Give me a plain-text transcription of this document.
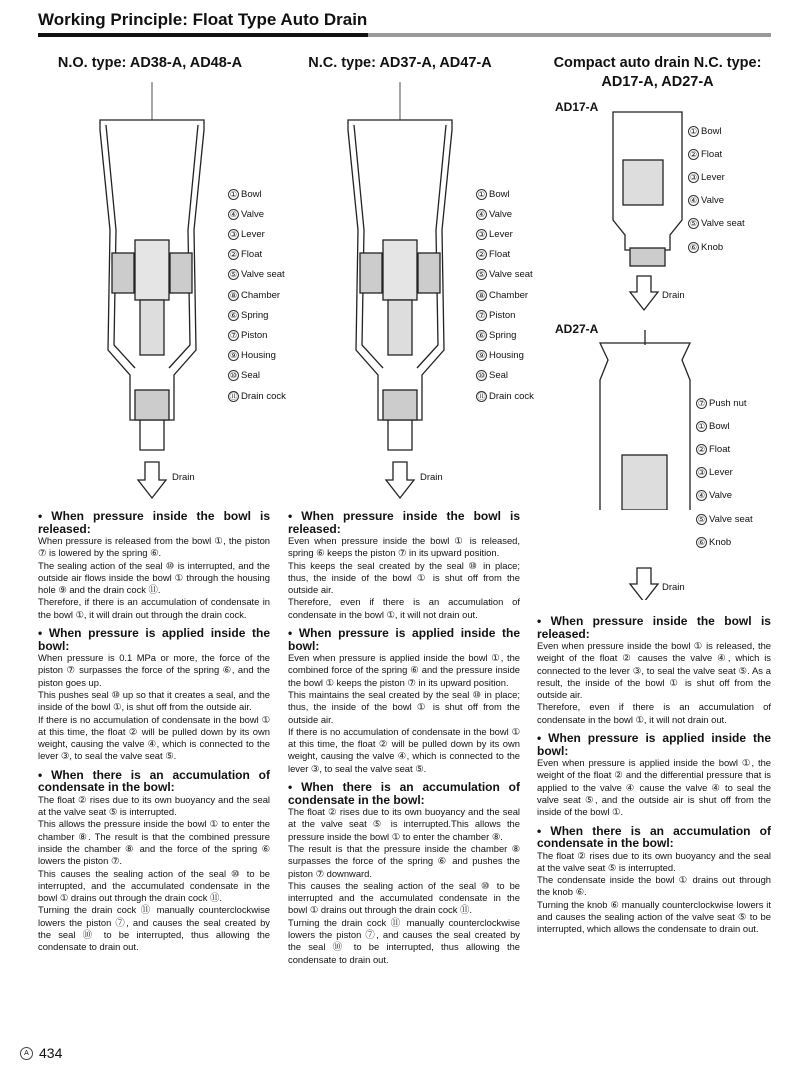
Working Principle: Float Type Auto Drain
N.O. type: AD38-A, AD48-A	N.C. type: AD37-A, AD47-A	Compact auto drain N.C. type:
AD17-A, AD27-A
① Bowl
④ Valve
③ Lever
② Float
⑤ Valve seat
⑧ Chamber
⑥ Spring
⑦ Piston
⑨ Housing
⑩ Seal
⑪ Drain cock
Drain
① Bowl
④ Valve
③ Lever
② Float
⑤ Valve seat
⑧ Chamber
⑦ Piston
⑥ Spring
⑨ Housing
⑩ Seal
⑪ Drain cock
Drain
AD17-A
① Bowl
② Float
③ Lever
④ Valve
⑤ Valve seat
⑥ Knob
Drain
AD27-A
⑦ Push nut
① Bowl
② Float
③ Lever
④ Valve
⑤ Valve seat
⑥ Knob
Drain
• When pressure inside the bowl is released:

When pressure is released from the bowl ①, the piston ⑦ is lowered by the spring ⑥.

The sealing action of the seal ⑩ is interrupted, and the outside air flows inside the bowl ① through the housing hole ⑨ and the drain cock ⑪.

Therefore, if there is an accumulation of condensate in the bowl ①, it will drain out through the drain cock.

• When pressure is applied inside the bowl:

When pressure is 0.1 MPa or more, the force of the piston ⑦ surpasses the force of the spring ⑥, and the piston goes up.

This pushes seal ⑩ up so that it creates a seal, and the inside of the bowl ①, is shut off from the outside air.

If there is no accumulation of condensate in the bowl ① at this time, the float ② will be pulled down by its own weight, causing the valve ④, which is connected to the lever ③, to seal the valve seat ⑤.

• When there is an accumulation of condensate in the bowl:

The float ② rises due to its own buoyancy and the seal at the valve seat ⑤ is interrupted.

This allows the pressure inside the bowl ① to enter the chamber ⑧. The result is that the combined pressure inside the chamber ⑧ and the force of the spring ⑥ lowers the piston ⑦.

This causes the sealing action of the seal ⑩ to be interrupted, and the accumulated condensate in the bowl ① drains out through the drain cock ⑪.

Turning the drain cock ⑪ manually counterclockwise lowers the piston ⑦, and causes the seal created by the seal ⑩ to be interrupted, thus allowing the condensate to drain out.

• When pressure inside the bowl is released:

Even when pressure inside the bowl ① is released, spring ⑥ keeps the piston ⑦ in its upward position.

This keeps the seal created by the seal ⑩ in place; thus, the inside of the bowl ① is shut off from the outside air.

Therefore, even if there is an accumulation of condensate in the bowl ①, it will not drain out.

• When pressure is applied inside the bowl:

Even when pressure is applied inside the bowl ①, the combined force of the spring ⑥ and the pressure inside the bowl ① keeps the piston ⑦ in its upward position.

This maintains the seal created by the seal ⑩ in place; thus, the inside of the bowl ① is shut off from the outside air.

If there is no accumulation of condensate in the bowl ① at this time, the float ② will be pulled down by its own weight, causing the valve ④, which is connected to the lever ③, to seal the valve seat ⑤.

• When there is an accumulation of condensate in the bowl:

The float ② rises due to its own buoyancy and the seal at the valve seat ⑤ is interrupted.This allows the pressure inside the bowl ① to enter the chamber ⑧.

The result is that the pressure inside the chamber ⑧ surpasses the force of the spring ⑥ and pushes the piston ⑦ downward.

This causes the sealing action of the seal ⑩ to be interrupted and the accumulated condensate in the bowl ① drains out through the drain cock ⑪.

Turning the drain cock ⑪ manually counterclockwise lowers the piston ⑦, and causes the seal created by the seal ⑩ to be interrupted, thus allowing the condensate to drain out.

• When pressure inside the bowl is released:

Even when pressure inside the bowl ① is released, the weight of the float ② causes the valve ④, which is connected to the lever ③, to seal the valve seat ⑤. As a result, the inside of the bowl ① is shut off from the outside air.

Therefore, even if there is an accumulation of condensate in the bowl ①, it will not drain out.

• When pressure is applied inside the bowl:

Even when pressure is applied inside the bowl ①, the weight of the float ② and the differential pressure that is applied to the valve ④ cause the valve ④ to seal the valve seat ⑤, and the outside air is shut off from the inside of the bowl ①.

• When there is an accumulation of condensate in the bowl:

The float ② rises due to its own buoyancy and the seal at the valve seat ⑤ is interrupted.

The condensate inside the bowl ① drains out through the knob ⑥.

Turning the knob ⑥ manually counterclockwise lowers it and causes the sealing action of the valve seat ⑤ to be interrupted, which allows the condensate to drain out.

A 434
